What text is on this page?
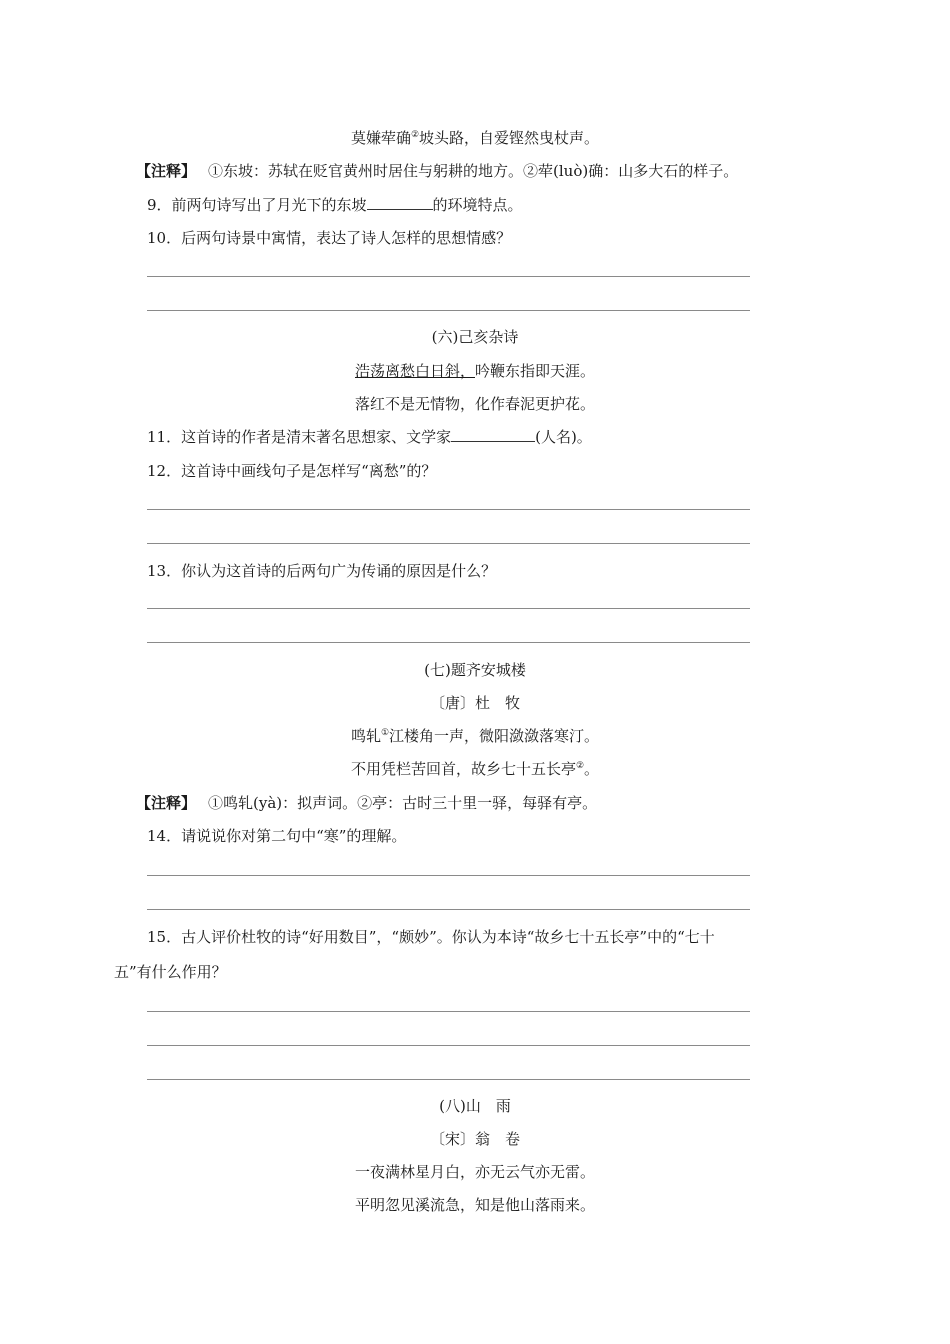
莫嫌荦确②坡头路，自爱铿然曳杖声。
【注释】 ①东坡：苏轼在贬官黄州时居住与躬耕的地方。②荦(luò)确：山多大石的样子。
9．前两句诗写出了月光下的东坡	的环境特点。
10．后两句诗景中寓情，表达了诗人怎样的思想情感？
(六)己亥杂诗
浩荡离愁白日斜，吟鞭东指即天涯。
落红不是无情物，化作春泥更护花。
11．这首诗的作者是清末著名思想家、文学家	(人名)。
12．这首诗中画线句子是怎样写“离愁”的？
13．你认为这首诗的后两句广为传诵的原因是什么？
(七)题齐安城楼
〔唐〕杜　牧
鸣轧①江楼角一声，微阳潋潋落寒汀。
不用凭栏苦回首，故乡七十五长亭②。
【注释】 ①鸣轧(yà)：拟声词。②亭：古时三十里一驿，每驿有亭。
14．请说说你对第二句中“寒”的理解。
15．古人评价杜牧的诗“好用数目”，“颇妙”。你认为本诗“故乡七十五长亭”中的“七十
五”有什么作用？
(八)山　雨
〔宋〕翁　卷
一夜满林星月白，亦无云气亦无雷。
平明忽见溪流急，知是他山落雨来。
